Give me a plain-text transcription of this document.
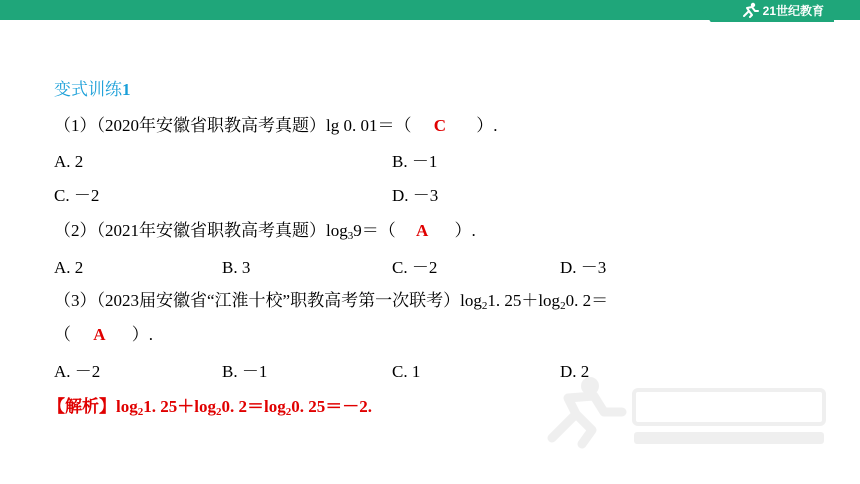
21世纪教育
变式训练1
（1）（2020年安徽省职教高考真题）lg 0. 01＝（ C ）.
A. 2	B. －1
C. －2	D. －3
（2）（2021年安徽省职教高考真题）$\log_39=$（ A ）.
A. 2	B. 3	C. －2	D. －3
（3）（2023届安徽省“江淮十校”职教高考第一次联考）$\log_21$. $25+\log_20$. 2＝
（ A ）.
A. －2	B. －1	C. 1	D. 2
【解析】$\log_21$. $25+\log_20$. $2=\log_20$. 25＝－2.
